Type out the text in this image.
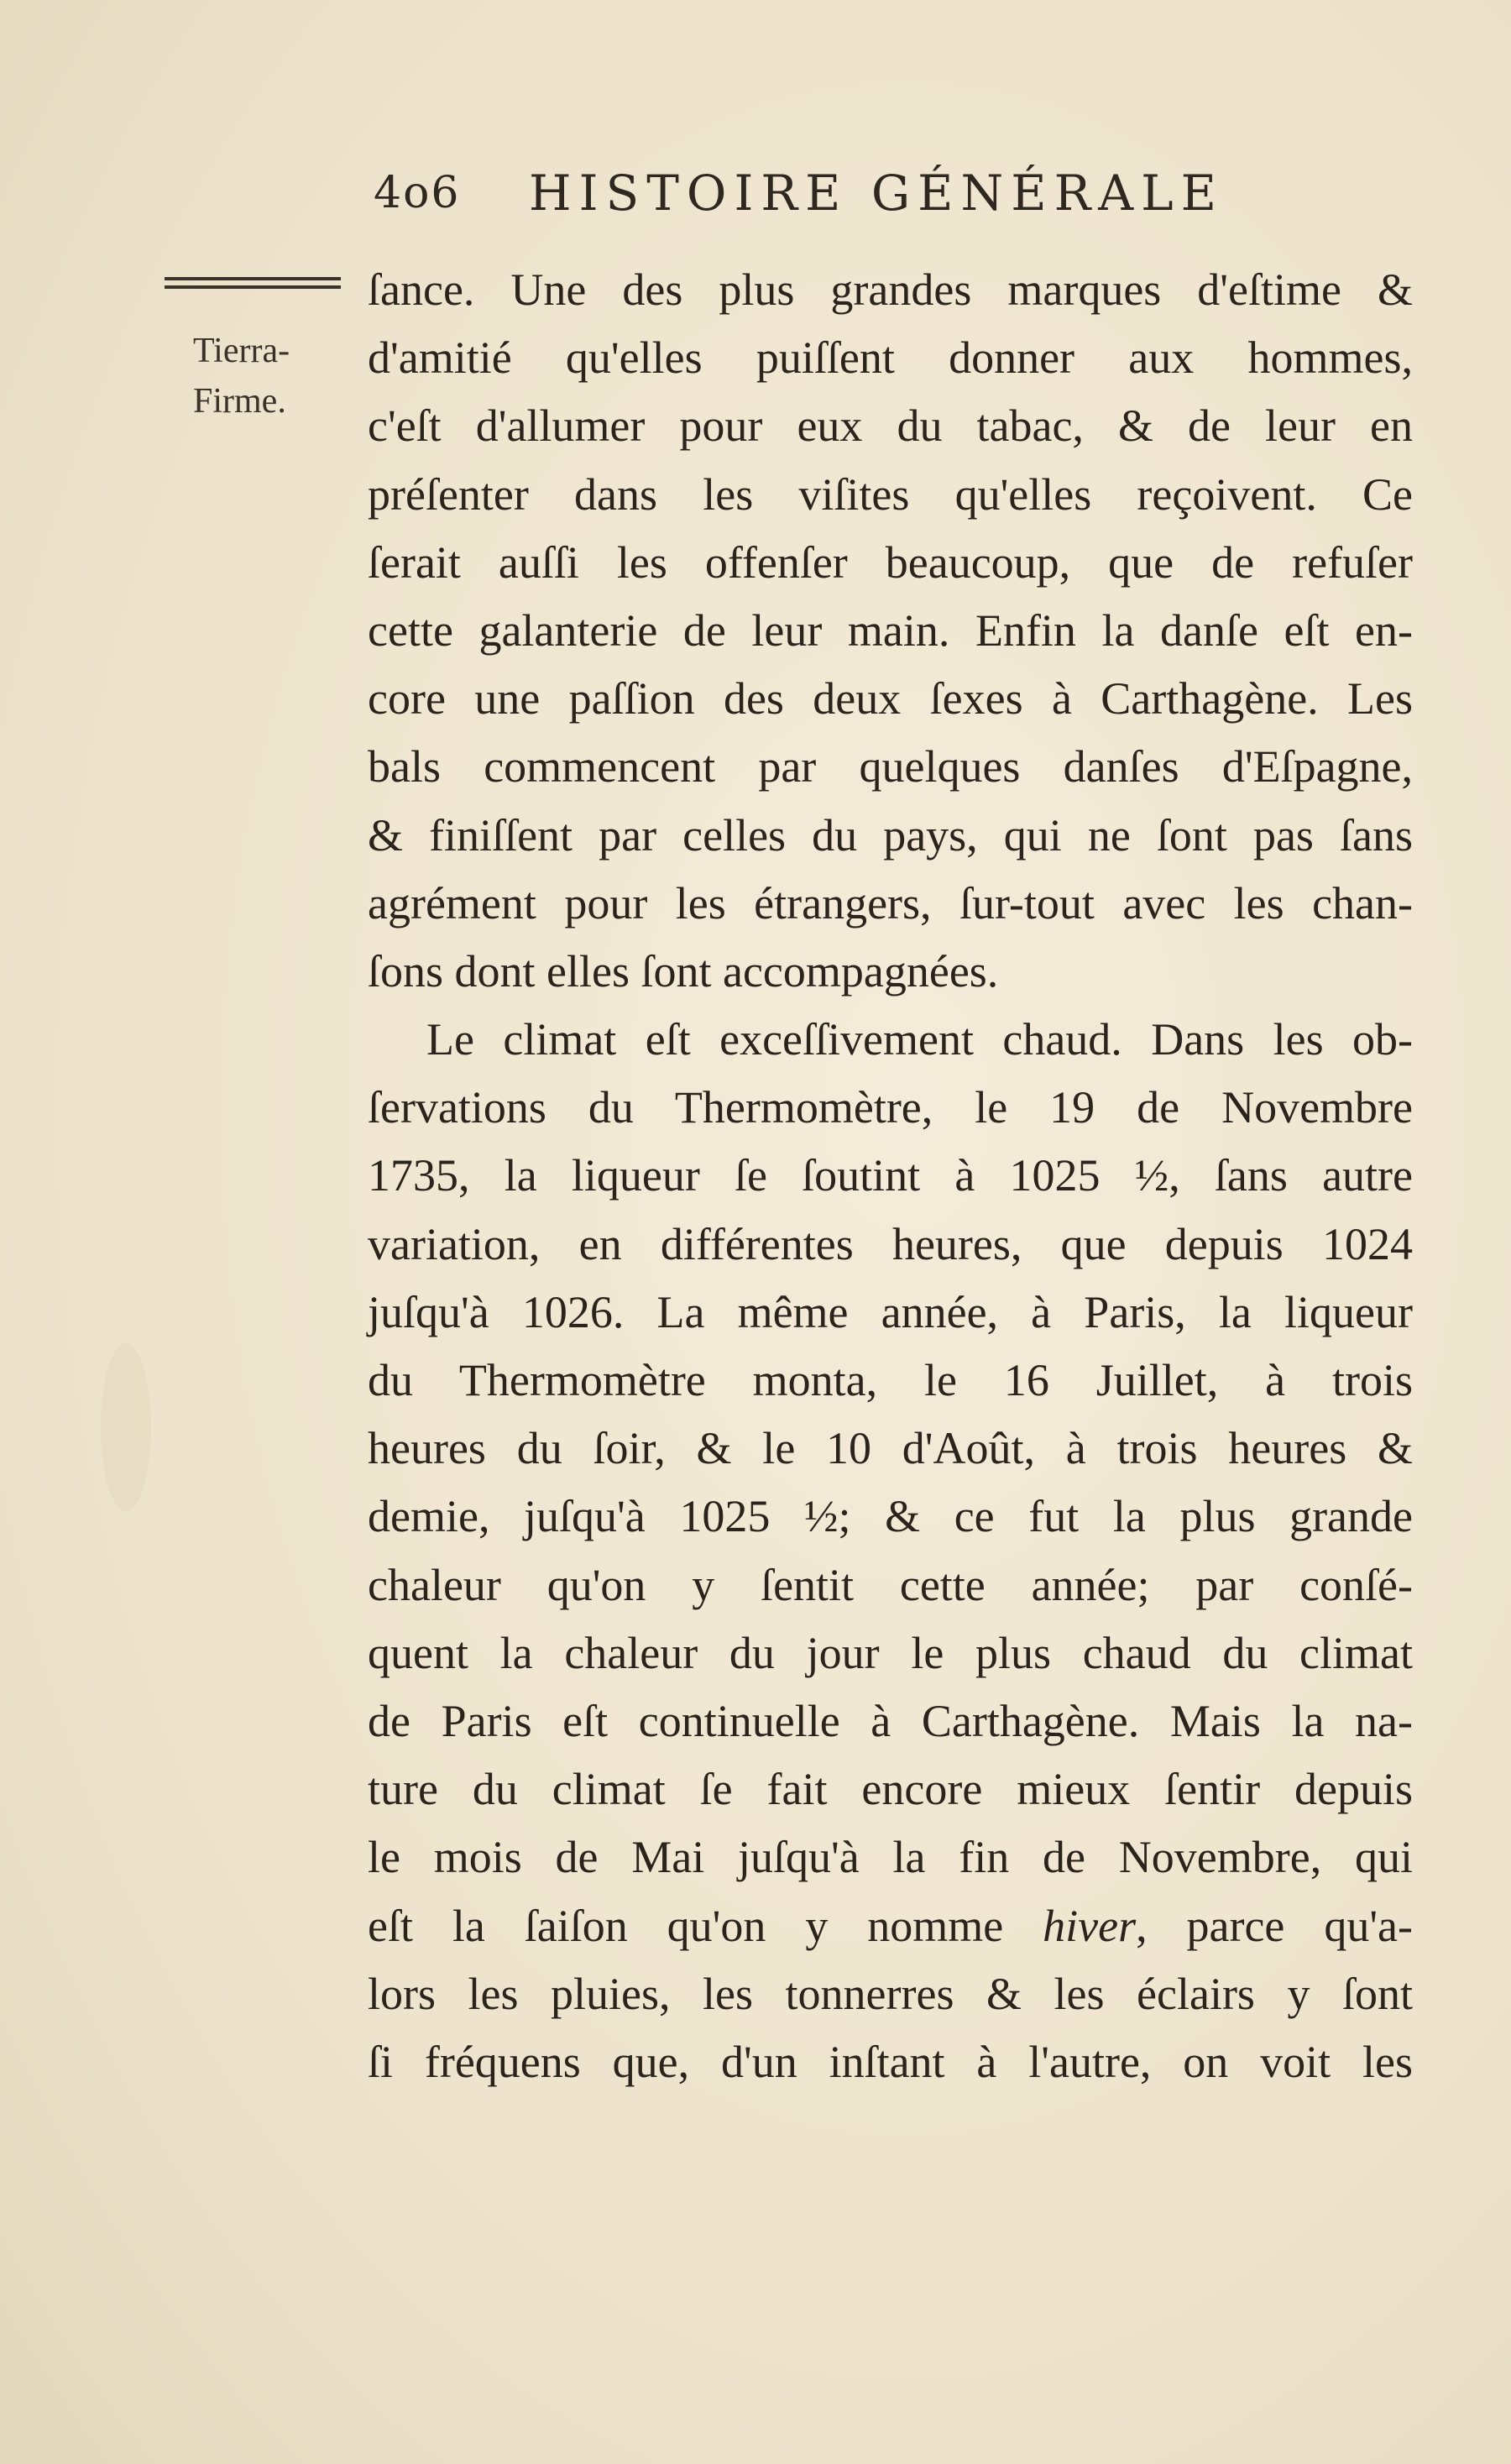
4o6 HISTOIRE GÉNÉRALE
Tierra-
Firme.
ſance. Une des plus grandes marques d'eſtime &
d'amitié qu'elles puiſſent donner aux hommes,
c'eſt d'allumer pour eux du tabac, & de leur en
préſenter dans les viſites qu'elles reçoivent. Ce
ſerait auſſi les offenſer beaucoup, que de refuſer
cette galanterie de leur main. Enfin la danſe eſt en-
core une paſſion des deux ſexes à Carthagène. Les
bals commencent par quelques danſes d'Eſpagne,
& finiſſent par celles du pays, qui ne ſont pas ſans
agrément pour les étrangers, ſur-tout avec les chan-
ſons dont elles ſont accompagnées.
Le climat eſt exceſſivement chaud. Dans les ob-
ſervations du Thermomètre, le 19 de Novembre
1735, la liqueur ſe ſoutint à 1025 ½, ſans autre
variation, en différentes heures, que depuis 1024
juſqu'à 1026. La même année, à Paris, la liqueur
du Thermomètre monta, le 16 Juillet, à trois
heures du ſoir, & le 10 d'Août, à trois heures &
demie, juſqu'à 1025 ½; & ce fut la plus grande
chaleur qu'on y ſentit cette année; par conſé-
quent la chaleur du jour le plus chaud du climat
de Paris eſt continuelle à Carthagène. Mais la na-
ture du climat ſe fait encore mieux ſentir depuis
le mois de Mai juſqu'à la fin de Novembre, qui
eſt la ſaiſon qu'on y nomme hiver, parce qu'a-
lors les pluies, les tonnerres & les éclairs y ſont
ſi fréquens que, d'un inſtant à l'autre, on voit les
